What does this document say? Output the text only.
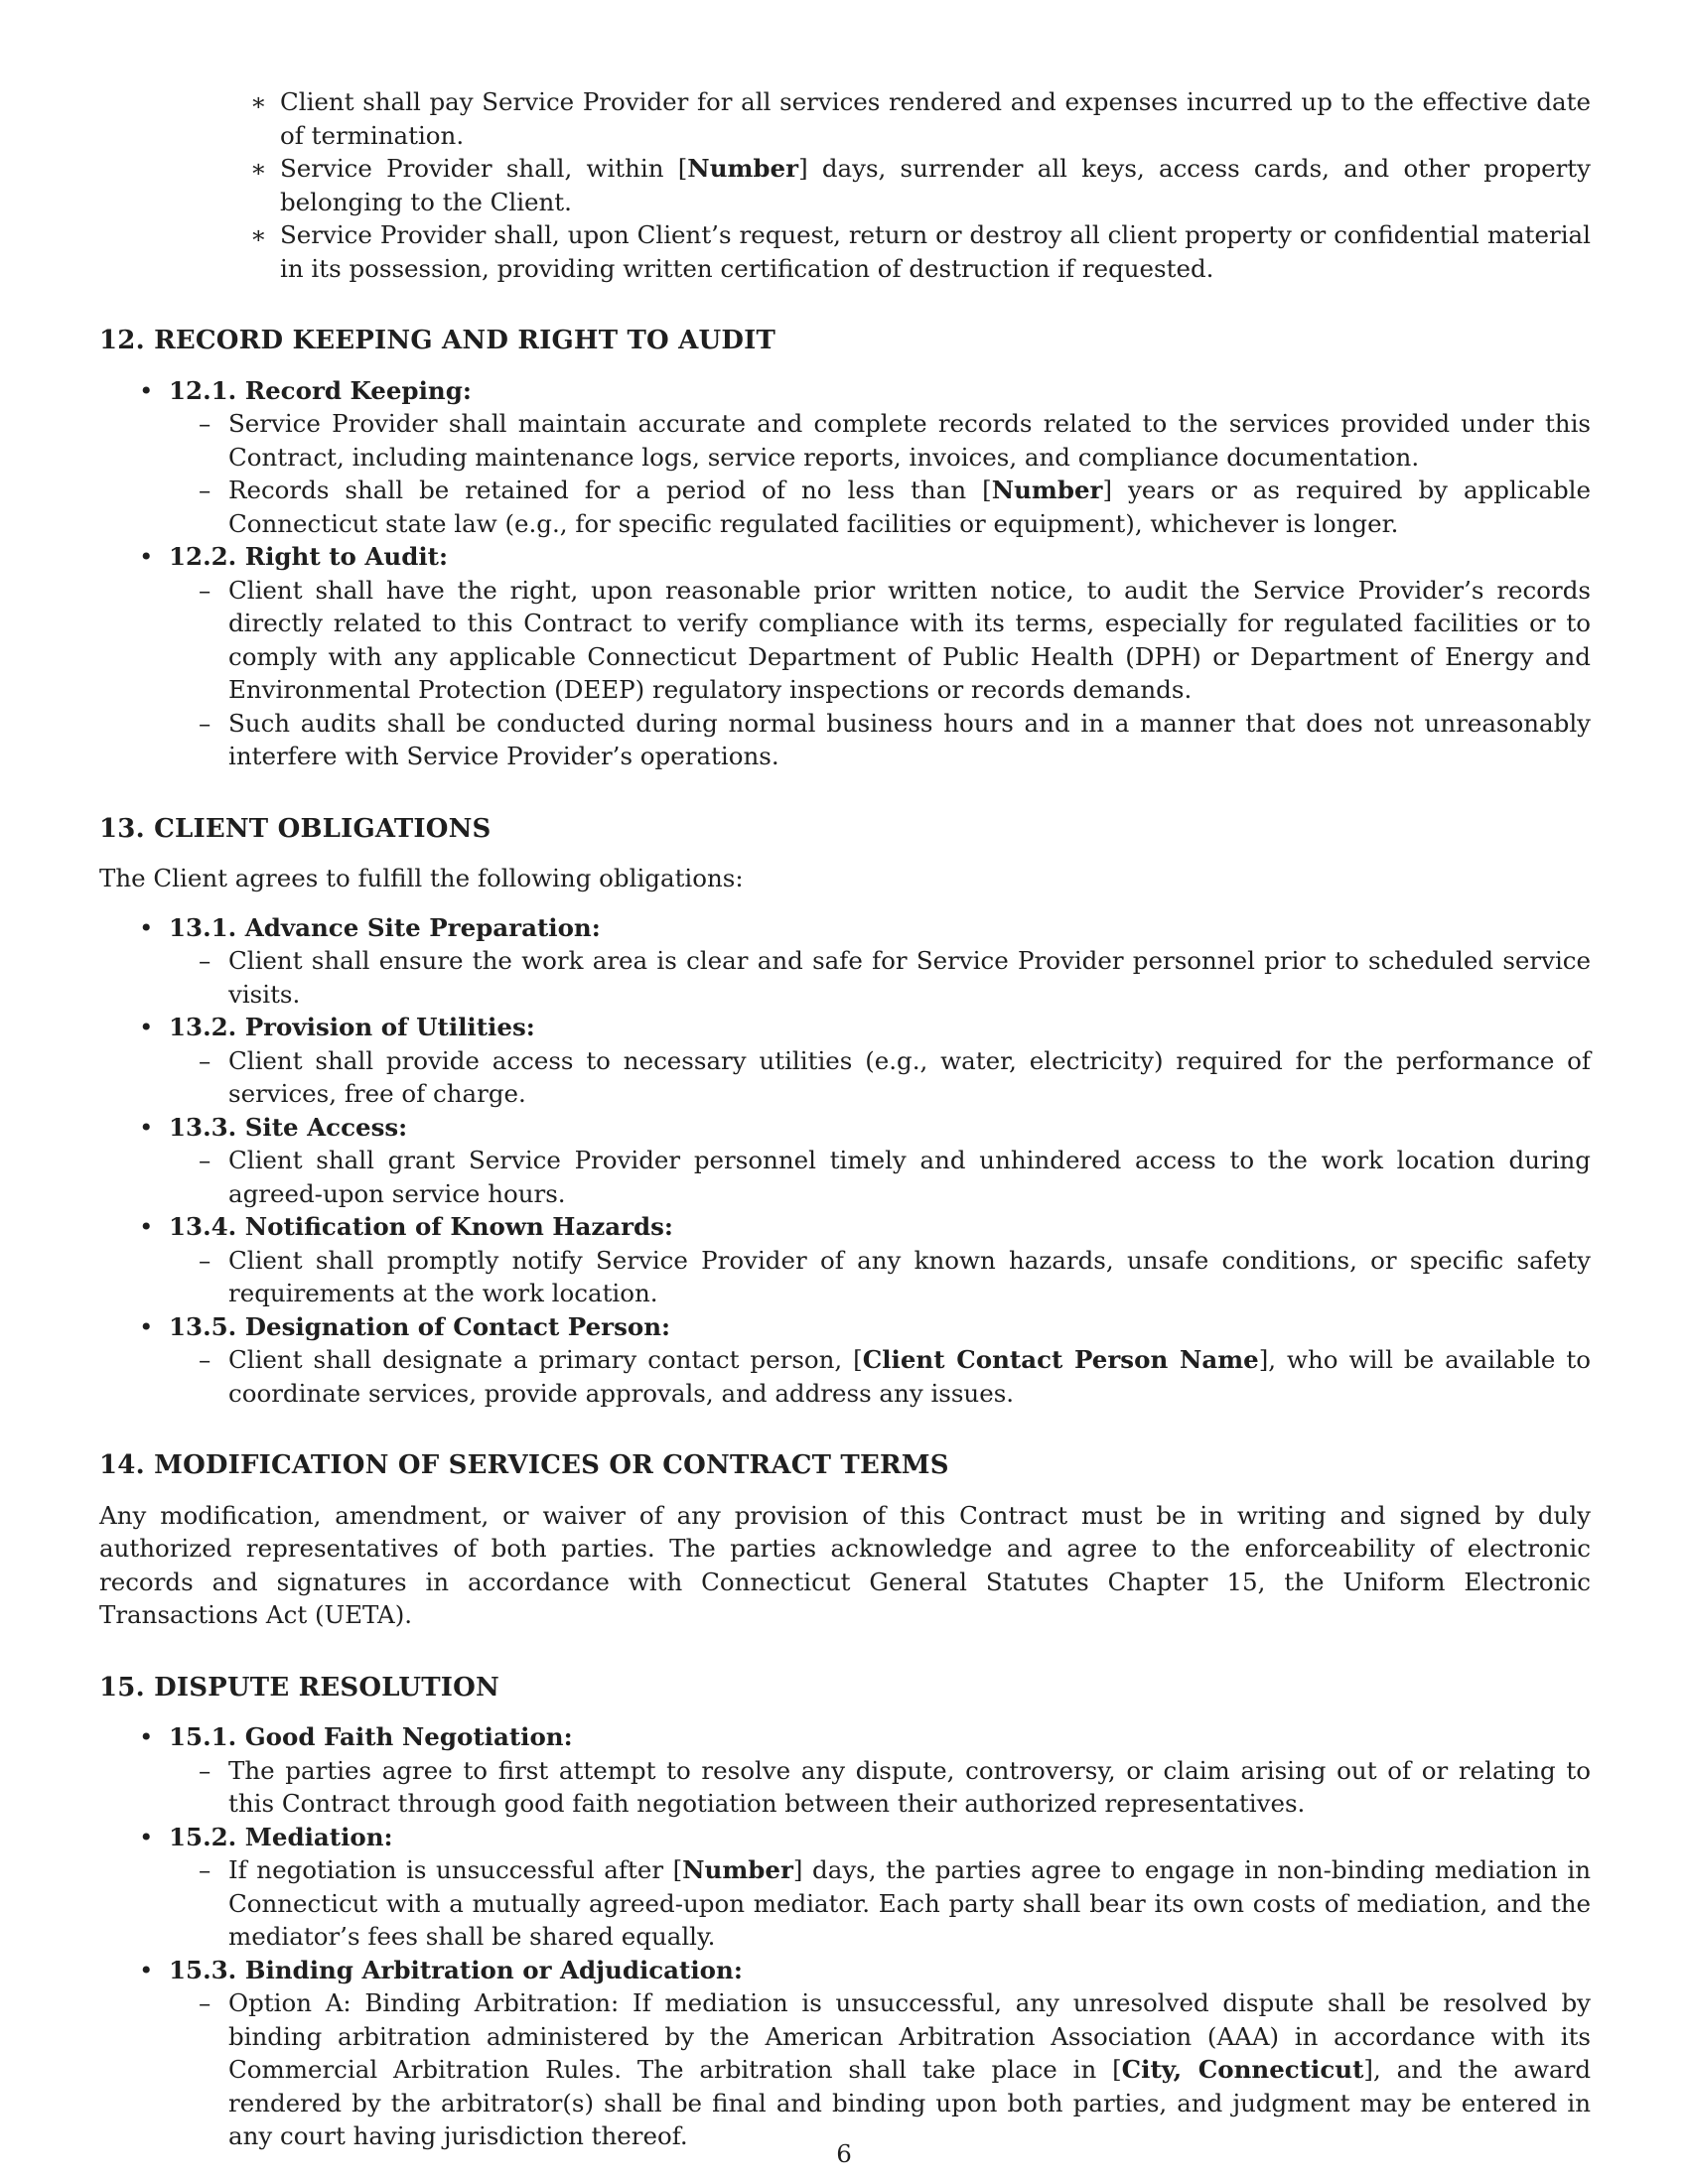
∗ Client shall pay Service Provider for all services rendered and expenses incurred up to the effective date of termination.

∗ Service Provider shall, within [Number] days, surrender all keys, access cards, and other property belonging to the Client.

∗ Service Provider shall, upon Client’s request, return or destroy all client property or confidential material in its possession, providing written certification of destruction if requested.

12. RECORD KEEPING AND RIGHT TO AUDIT
• 12.1. Record Keeping:

– Service Provider shall maintain accurate and complete records related to the services provided under this Contract, including maintenance logs, service reports, invoices, and compliance documentation.

– Records shall be retained for a period of no less than [Number] years or as required by applicable Connecticut state law (e.g., for specific regulated facilities or equipment), whichever is longer.

• 12.2. Right to Audit:

– Client shall have the right, upon reasonable prior written notice, to audit the Service Provider’s records directly related to this Contract to verify compliance with its terms, especially for regulated facilities or to comply with any applicable Connecticut Department of Public Health (DPH) or Department of Energy and Environmental Protection (DEEP) regulatory inspections or records demands.

– Such audits shall be conducted during normal business hours and in a manner that does not unreasonably interfere with Service Provider’s operations.

13. CLIENT OBLIGATIONS

The Client agrees to fulfill the following obligations:

• 13.1. Advance Site Preparation:

– Client shall ensure the work area is clear and safe for Service Provider personnel prior to scheduled service visits.

• 13.2. Provision of Utilities:

– Client shall provide access to necessary utilities (e.g., water, electricity) required for the performance of services, free of charge.

• 13.3. Site Access:

– Client shall grant Service Provider personnel timely and unhindered access to the work location during agreed-upon service hours.

• 13.4. Notification of Known Hazards:

– Client shall promptly notify Service Provider of any known hazards, unsafe conditions, or specific safety requirements at the work location.

• 13.5. Designation of Contact Person:

– Client shall designate a primary contact person, [Client Contact Person Name], who will be available to coordinate services, provide approvals, and address any issues.

14. MODIFICATION OF SERVICES OR CONTRACT TERMS

Any modification, amendment, or waiver of any provision of this Contract must be in writing and signed by duly authorized representatives of both parties. The parties acknowledge and agree to the enforceability of electronic records and signatures in accordance with Connecticut General Statutes Chapter 15, the Uniform Electronic Transactions Act (UETA).

15. DISPUTE RESOLUTION
• 15.1. Good Faith Negotiation:

– The parties agree to first attempt to resolve any dispute, controversy, or claim arising out of or relating to this Contract through good faith negotiation between their authorized representatives.

• 15.2. Mediation:

– If negotiation is unsuccessful after [Number] days, the parties agree to engage in non-binding mediation in Connecticut with a mutually agreed-upon mediator. Each party shall bear its own costs of mediation, and the mediator’s fees shall be shared equally.

• 15.3. Binding Arbitration or Adjudication:

– Option A: Binding Arbitration: If mediation is unsuccessful, any unresolved dispute shall be resolved by binding arbitration administered by the American Arbitration Association (AAA) in accordance with its Commercial Arbitration Rules. The arbitration shall take place in [City, Connecticut], and the award rendered by the arbitrator(s) shall be final and binding upon both parties, and judgment may be entered in any court having jurisdiction thereof.

6
